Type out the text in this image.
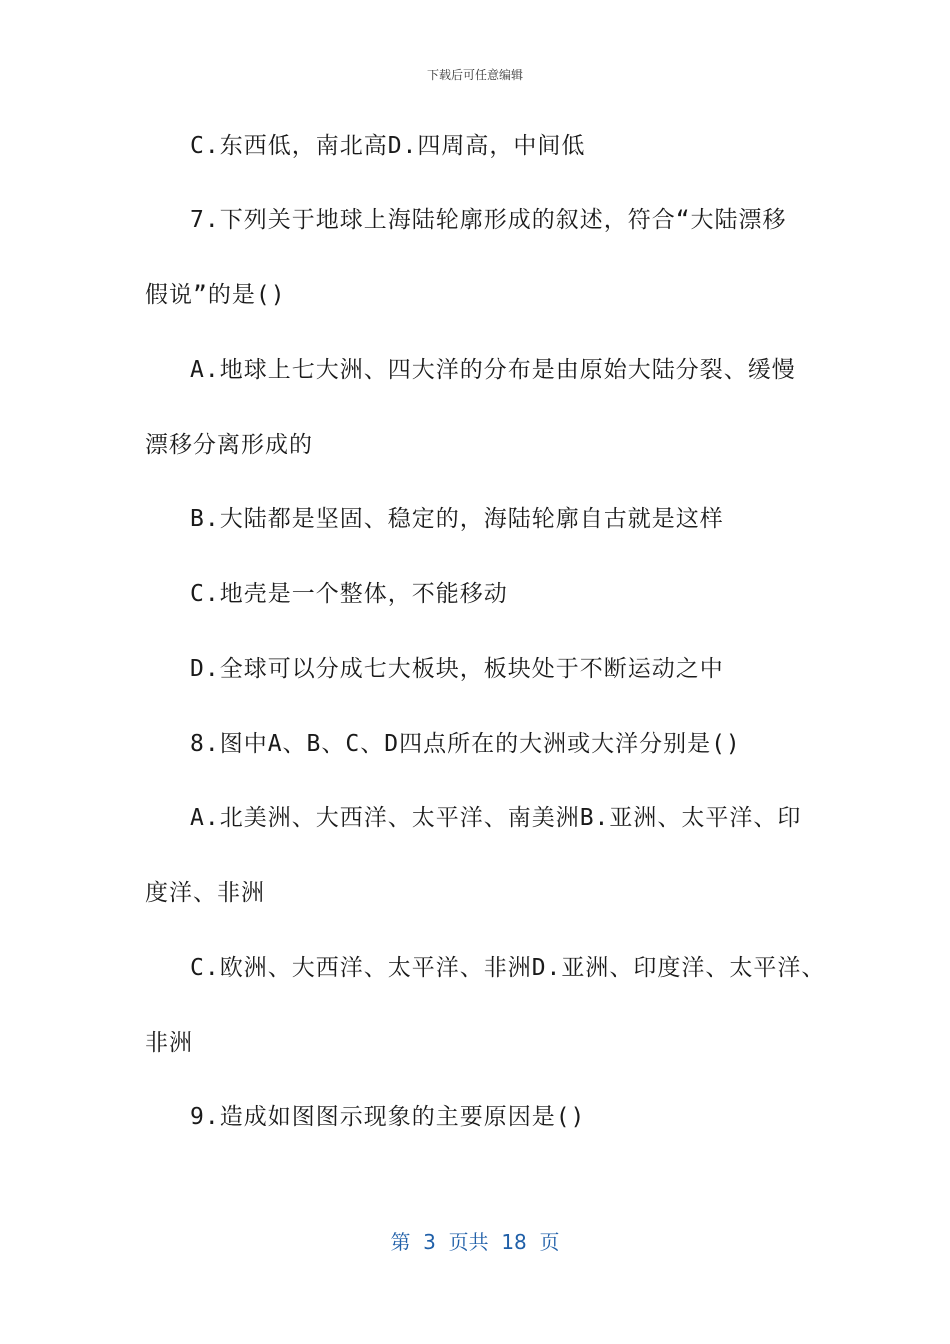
下载后可任意编辑
C.东西低，南北高D.四周高，中间低
7.下列关于地球上海陆轮廓形成的叙述，符合“大陆漂移
假说”的是()
A.地球上七大洲、四大洋的分布是由原始大陆分裂、缓慢
漂移分离形成的
B.大陆都是坚固、稳定的，海陆轮廓自古就是这样
C.地壳是一个整体，不能移动
D.全球可以分成七大板块，板块处于不断运动之中
8.图中A、B、C、D四点所在的大洲或大洋分别是()
A.北美洲、大西洋、太平洋、南美洲B.亚洲、太平洋、印
度洋、非洲
C.欧洲、大西洋、太平洋、非洲D.亚洲、印度洋、太平洋、
非洲
9.造成如图图示现象的主要原因是()
第  3  页共  18  页
